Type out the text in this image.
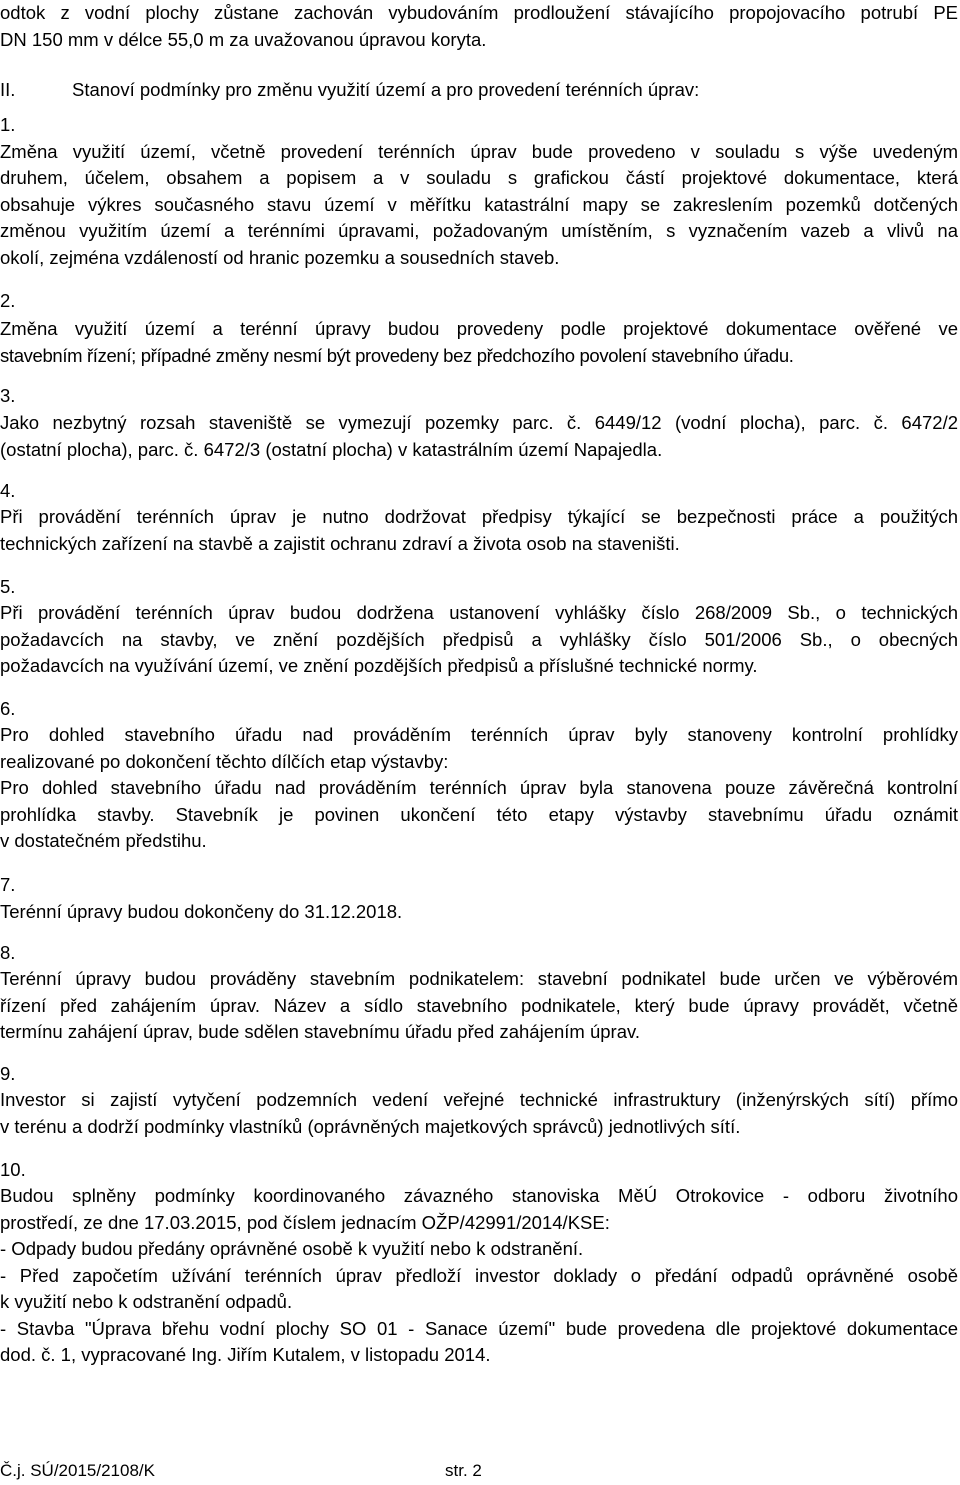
odtok z vodní plochy zůstane zachován vybudováním prodloužení stávajícího propojovacího potrubí PE
DN 150 mm v délce 55,0 m za uvažovanou úpravou koryta.
II.	Stanoví podmínky pro změnu využití území a pro provedení terénních úprav:
1.
Změna využití území, včetně provedení terénních úprav bude provedeno v souladu s výše uvedeným
druhem, účelem, obsahem a popisem a v souladu s grafickou částí projektové dokumentace, která
obsahuje výkres současného stavu území v měřítku katastrální mapy se zakreslením pozemků dotčených
změnou využitím území a terénními úpravami, požadovaným umístěním, s vyznačením vazeb a vlivů na
okolí, zejména vzdáleností od hranic pozemku a sousedních staveb.
2.
Změna využití území a terénní úpravy budou provedeny podle projektové dokumentace ověřené ve
stavebním řízení; případné změny nesmí být provedeny bez předchozího povolení stavebního úřadu.
3.
Jako nezbytný rozsah staveniště se vymezují pozemky parc. č. 6449/12 (vodní plocha), parc. č. 6472/2
(ostatní plocha), parc. č. 6472/3 (ostatní plocha) v katastrálním území Napajedla.
4.
Při provádění terénních úprav je nutno dodržovat předpisy týkající se bezpečnosti práce a použitých
technických zařízení na stavbě a zajistit ochranu zdraví a života osob na staveništi.
5.
Při provádění terénních úprav budou dodržena ustanovení vyhlášky číslo 268/2009 Sb., o technických
požadavcích na stavby, ve znění pozdějších předpisů a vyhlášky číslo 501/2006 Sb., o obecných
požadavcích na využívání území, ve znění pozdějších předpisů a příslušné technické normy.
6.
Pro dohled stavebního úřadu nad prováděním terénních úprav byly stanoveny kontrolní prohlídky
realizované po dokončení těchto dílčích etap výstavby:
Pro dohled stavebního úřadu nad prováděním terénních úprav byla stanovena pouze závěrečná kontrolní
prohlídka stavby. Stavebník je povinen ukončení této etapy výstavby stavebnímu úřadu oznámit
v dostatečném předstihu.
7.
Terénní úpravy budou dokončeny do 31.12.2018.
8.
Terénní úpravy budou prováděny stavebním podnikatelem: stavební podnikatel bude určen ve výběrovém
řízení před zahájením úprav. Název a sídlo stavebního podnikatele, který bude úpravy provádět, včetně
termínu zahájení úprav, bude sdělen stavebnímu úřadu před zahájením úprav.
9.
Investor si zajistí vytyčení podzemních vedení veřejné technické infrastruktury (inženýrských sítí) přímo
v terénu a dodrží podmínky vlastníků (oprávněných majetkových správců) jednotlivých sítí.
10.
Budou splněny podmínky koordinovaného závazného stanoviska MěÚ Otrokovice - odboru životního
prostředí, ze dne 17.03.2015, pod číslem jednacím OŽP/42991/2014/KSE:
- Odpady budou předány oprávněné osobě k využití nebo k odstranění.
- Před započetím užívání terénních úprav předloží investor doklady o předání odpadů oprávněné osobě
k využití nebo k odstranění odpadů.
- Stavba "Úprava břehu vodní plochy SO 01 - Sanace území" bude provedena dle projektové dokumentace
dod. č. 1, vypracované Ing. Jiřím Kutalem, v listopadu 2014.
Č.j. SÚ/2015/2108/K	str. 2
